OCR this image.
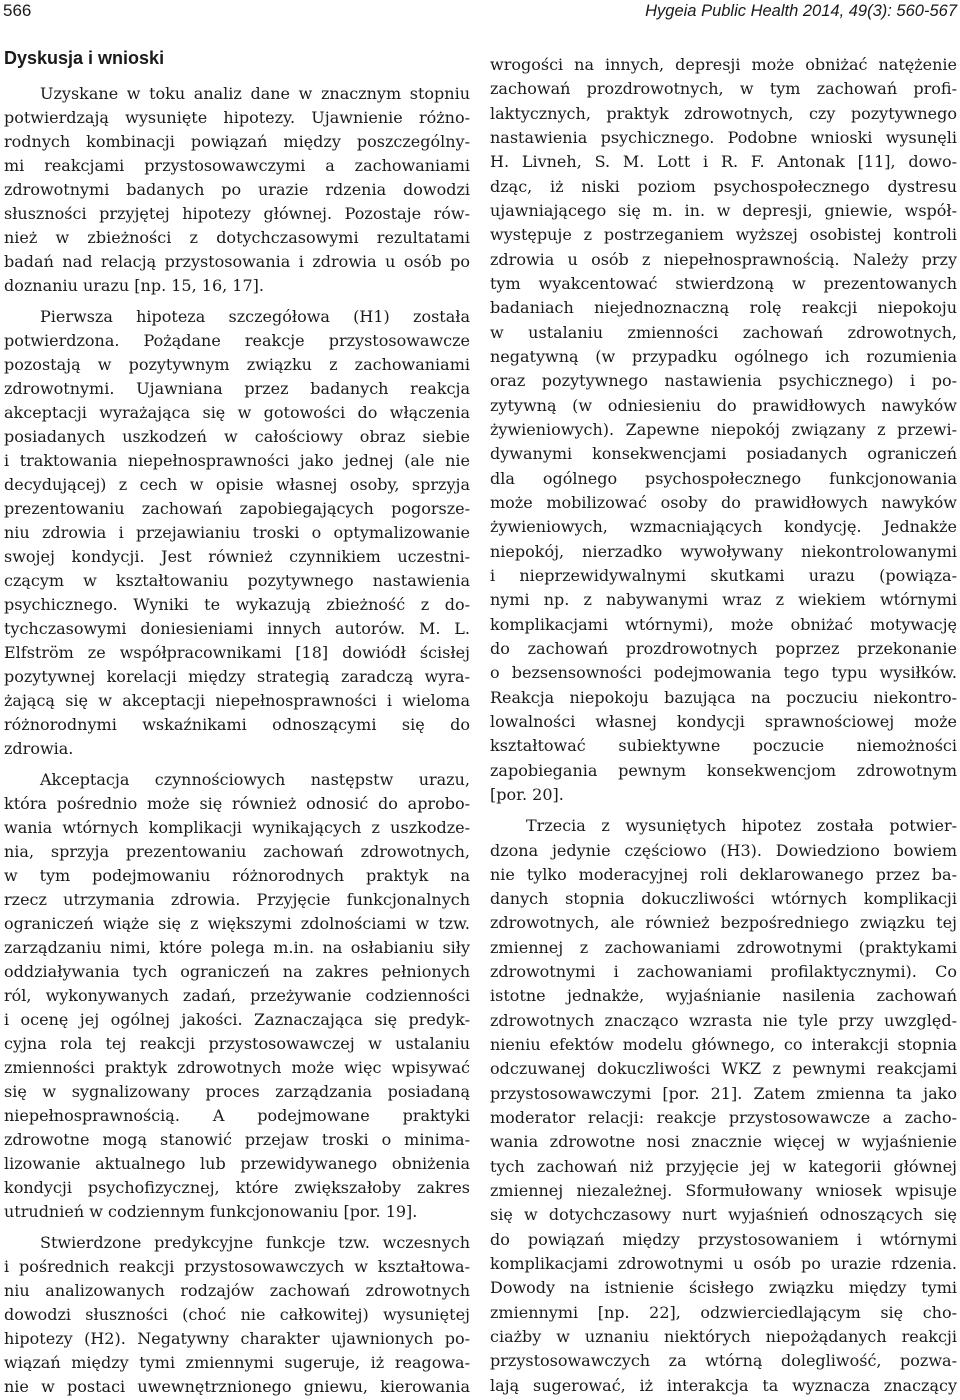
566	Hygeia Public Health 2014, 49(3): 560-567
Dyskusja i wnioski
Uzyskane w toku analiz dane w znacznym stopniu
potwierdzają wysunięte hipotezy. Ujawnienie różno-
rodnych kombinacji powiązań między poszczególny-
mi reakcjami przystosowawczymi a zachowaniami
zdrowotnymi badanych po urazie rdzenia dowodzi
słuszności przyjętej hipotezy głównej. Pozostaje rów-
nież w zbieżności z dotychczasowymi rezultatami
badań nad relacją przystosowania i zdrowia u osób po
doznaniu urazu [np. 15, 16, 17].
Pierwsza hipoteza szczegółowa (H1) została
potwierdzona. Pożądane reakcje przystosowawcze
pozostają w pozytywnym związku z zachowaniami
zdrowotnymi. Ujawniana przez badanych reakcja
akceptacji wyrażająca się w gotowości do włączenia
posiadanych uszkodzeń w całościowy obraz siebie
i traktowania niepełnosprawności jako jednej (ale nie
decydującej) z cech w opisie własnej osoby, sprzyja
prezentowaniu zachowań zapobiegających pogorsze-
niu zdrowia i przejawianiu troski o optymalizowanie
swojej kondycji. Jest również czynnikiem uczestni-
czącym w kształtowaniu pozytywnego nastawienia
psychicznego. Wyniki te wykazują zbieżność z do-
tychczasowymi doniesieniami innych autorów. M. L.
Elfström ze współpracownikami [18] dowiódł ścisłej
pozytywnej korelacji między strategią zaradczą wyra-
żającą się w akceptacji niepełnosprawności i wieloma
różnorodnymi wskaźnikami odnoszącymi się do
zdrowia.
Akceptacja czynnościowych następstw urazu,
która pośrednio może się również odnosić do aprobo-
wania wtórnych komplikacji wynikających z uszkodze-
nia, sprzyja prezentowaniu zachowań zdrowotnych,
w tym podejmowaniu różnorodnych praktyk na
rzecz utrzymania zdrowia. Przyjęcie funkcjonalnych
ograniczeń wiąże się z większymi zdolnościami w tzw.
zarządzaniu nimi, które polega m.in. na osłabianiu siły
oddziaływania tych ograniczeń na zakres pełnionych
ról, wykonywanych zadań, przeżywanie codzienności
i ocenę jej ogólnej jakości. Zaznaczająca się predyk-
cyjna rola tej reakcji przystosowawczej w ustalaniu
zmienności praktyk zdrowotnych może więc wpisywać
się w sygnalizowany proces zarządzania posiadaną
niepełnosprawnością. A podejmowane praktyki
zdrowotne mogą stanowić przejaw troski o minima-
lizowanie aktualnego lub przewidywanego obniżenia
kondycji psychofizycznej, które zwiększałoby zakres
utrudnień w codziennym funkcjonowaniu [por. 19].
Stwierdzone predykcyjne funkcje tzw. wczesnych
i pośrednich reakcji przystosowawczych w kształtowa-
niu analizowanych rodzajów zachowań zdrowotnych
dowodzi słuszności (choć nie całkowitej) wysuniętej
hipotezy (H2). Negatywny charakter ujawnionych po-
wiązań między tymi zmiennymi sugeruje, iż reagowa-
nie w postaci uwewnętrznionego gniewu, kierowania
wrogości na innych, depresji może obniżać natężenie
zachowań prozdrowotnych, w tym zachowań profi-
laktycznych, praktyk zdrowotnych, czy pozytywnego
nastawienia psychicznego. Podobne wnioski wysunęli
H. Livneh, S. M. Lott i R. F. Antonak [11], dowo-
dząc, iż niski poziom psychospołecznego dystresu
ujawniającego się m. in. w depresji, gniewie, współ-
występuje z postrzeganiem wyższej osobistej kontroli
zdrowia u osób z niepełnosprawnością. Należy przy
tym wyakcentować stwierdzoną w prezentowanych
badaniach niejednoznaczną rolę reakcji niepokoju
w ustalaniu zmienności zachowań zdrowotnych,
negatywną (w przypadku ogólnego ich rozumienia
oraz pozytywnego nastawienia psychicznego) i po-
zytywną (w odniesieniu do prawidłowych nawyków
żywieniowych). Zapewne niepokój związany z przewi-
dywanymi konsekwencjami posiadanych ograniczeń
dla ogólnego psychospołecznego funkcjonowania
może mobilizować osoby do prawidłowych nawyków
żywieniowych, wzmacniających kondycję. Jednakże
niepokój, nierzadko wywoływany niekontrolowanymi
i nieprzewidywalnymi skutkami urazu (powiąza-
nymi np. z nabywanymi wraz z wiekiem wtórnymi
komplikacjami wtórnymi), może obniżać motywację
do zachowań prozdrowotnych poprzez przekonanie
o bezsensowności podejmowania tego typu wysiłków.
Reakcja niepokoju bazująca na poczuciu niekontro-
lowalności własnej kondycji sprawnościowej może
kształtować subiektywne poczucie niemożności
zapobiegania pewnym konsekwencjom zdrowotnym
[por. 20].
Trzecia z wysuniętych hipotez została potwier-
dzona jedynie częściowo (H3). Dowiedziono bowiem
nie tylko moderacyjnej roli deklarowanego przez ba-
danych stopnia dokuczliwości wtórnych komplikacji
zdrowotnych, ale również bezpośredniego związku tej
zmiennej z zachowaniami zdrowotnymi (praktykami
zdrowotnymi i zachowaniami profilaktycznymi). Co
istotne jednakże, wyjaśnianie nasilenia zachowań
zdrowotnych znacząco wzrasta nie tyle przy uwzględ-
nieniu efektów modelu głównego, co interakcji stopnia
odczuwanej dokuczliwości WKZ z pewnymi reakcjami
przystosowawczymi [por. 21]. Zatem zmienna ta jako
moderator relacji: reakcje przystosowawcze a zacho-
wania zdrowotne nosi znacznie więcej w wyjaśnienie
tych zachowań niż przyjęcie jej w kategorii głównej
zmiennej niezależnej. Sformułowany wniosek wpisuje
się w dotychczasowy nurt wyjaśnień odnoszących się
do powiązań między przystosowaniem i wtórnymi
komplikacjami zdrowotnymi u osób po urazie rdzenia.
Dowody na istnienie ścisłego związku między tymi
zmiennymi [np. 22], odzwierciedlającym się cho-
ciażby w uznaniu niektórych niepożądanych reakcji
przystosowawczych za wtórną dolegliwość, pozwa-
lają sugerować, iż interakcja ta wyznacza znaczący
